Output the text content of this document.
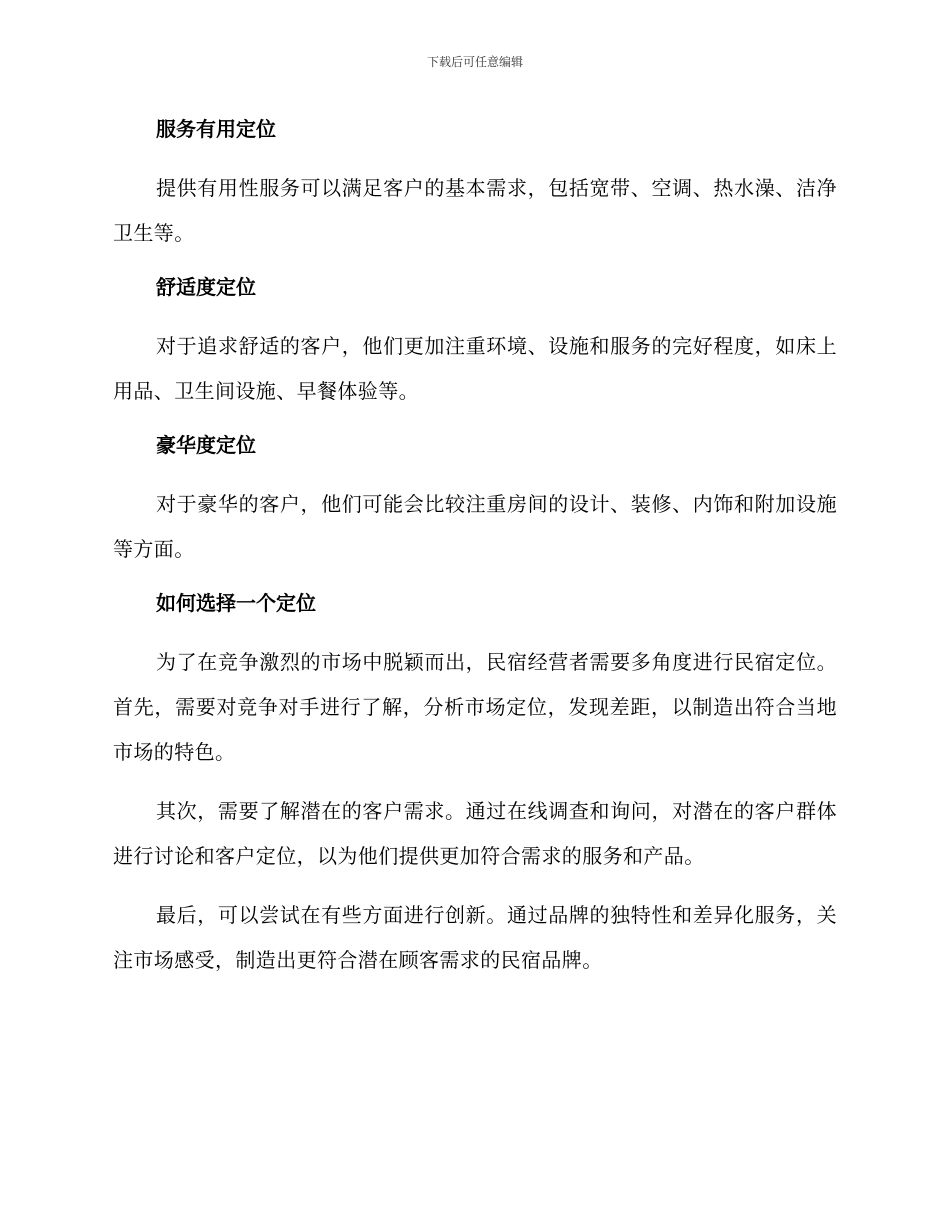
下载后可任意编辑
服务有用定位

提供有用性服务可以满足客户的基本需求，包括宽带、空调、热水澡、洁净卫生等。

舒适度定位

对于追求舒适的客户，他们更加注重环境、设施和服务的完好程度，如床上用品、卫生间设施、早餐体验等。

豪华度定位

对于豪华的客户，他们可能会比较注重房间的设计、装修、内饰和附加设施等方面。

如何选择一个定位

为了在竞争激烈的市场中脱颖而出，民宿经营者需要多角度进行民宿定位。首先，需要对竞争对手进行了解，分析市场定位，发现差距，以制造出符合当地市场的特色。

其次，需要了解潜在的客户需求。通过在线调查和询问，对潜在的客户群体进行讨论和客户定位，以为他们提供更加符合需求的服务和产品。

最后，可以尝试在有些方面进行创新。通过品牌的独特性和差异化服务，关注市场感受，制造出更符合潜在顾客需求的民宿品牌。
